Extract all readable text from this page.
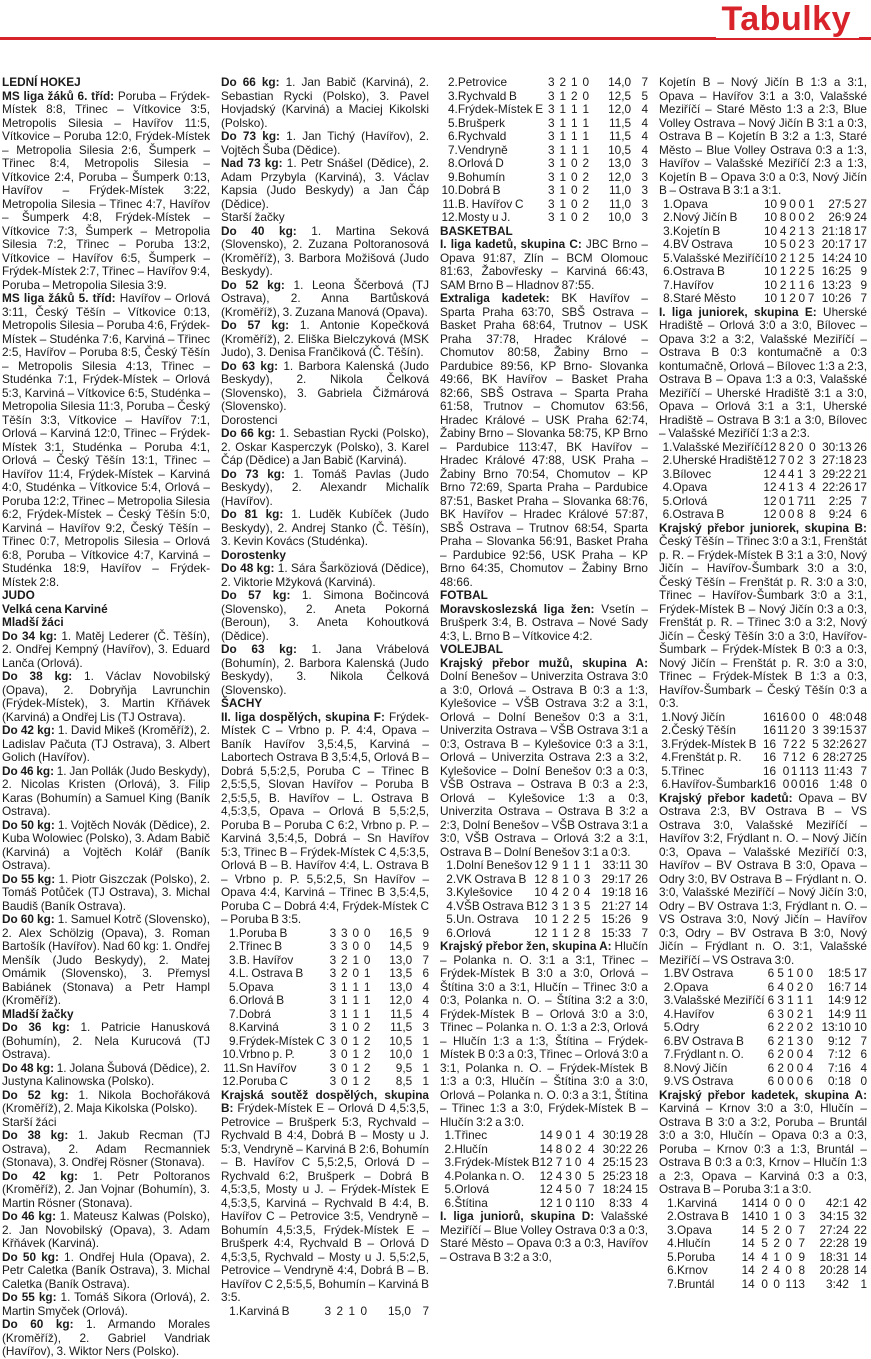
Tabulky

LEDNÍ HOKEJ

MS liga žáků 6. tříd: Poruba – Frýdek-Místek 8:8, Třinec – Vítkovice 3:5, Metropolis Silesia – Havířov 11:5, Vítkovice – Poruba 12:0, Frýdek-Místek – Metropolia Silesia 2:6, Šumperk – Třinec 8:4, Metropolis Silesia – Vítkovice 2:4, Poruba – Šumperk 0:13, Havířov – Frýdek-Místek 3:22, Metropolia Silesia – Třinec 4:7, Havířov – Šumperk 4:8, Frýdek-Místek – Vítkovice 7:3, Šumperk – Metropolia Silesia 7:2, Třinec – Poruba 13:2, Vítkovice – Havířov 6:5, Šumperk – Frýdek-Místek 2:7, Třinec – Havířov 9:4, Poruba – Metropolia Silesia 3:9.

MS liga žáků 5. tříd: Havířov – Orlová 3:11, Český Těšín – Vítkovice 0:13, Metropolis Silesia – Poruba 4:6, Frýdek-Místek – Studénka 7:6, Karviná – Třinec 2:5, Havířov – Poruba 8:5, Český Těšín – Metropolis Silesia 4:13, Třinec – Studénka 7:1, Frýdek-Místek – Orlová 5:3, Karviná – Vítkovice 6:5, Studénka – Metropolia Silesia 11:3, Poruba – Český Těšín 3:3, Vítkovice – Havířov 7:1, Orlová – Karviná 12:0, Třinec – Frýdek-Místek 3:1, Studénka – Poruba 4:1, Orlová – Český Těšín 13:1, Třinec – Havířov 11:4, Frýdek-Místek – Karviná 4:0, Studénka – Vítkovice 5:4, Orlová – Poruba 12:2, Třinec – Metropolia Silesia 6:2, Frýdek-Místek – Český Těšín 5:0, Karviná – Havířov 9:2, Český Těšín – Třinec 0:7, Metropolis Silesia – Orlová 6:8, Poruba – Vítkovice 4:7, Karviná – Studénka 18:9, Havířov – Frýdek-Místek 2:8.

JUDO

Velká cena Karviné

Mladší žáci

Do 34 kg: 1. Matěj Lederer (Č. Těšín), 2. Ondřej Kempný (Havířov), 3. Eduard Lanča (Orlová).

Do 38 kg: 1. Václav Novobilský (Opava), 2. Dobryňja Lavrunchin (Frýdek-Místek), 3. Martin Křňávek (Karviná) a Ondřej Lis (TJ Ostrava).

Do 42 kg: 1. David Mikeš (Kroměříž), 2. Ladislav Pačuta (TJ Ostrava), 3. Albert Golich (Havířov).

Do 46 kg: 1. Jan Pollák (Judo Beskydy), 2. Nicolas Kristen (Orlová), 3. Filip Karas (Bohumín) a Samuel King (Baník Ostrava).

Do 50 kg: 1. Vojtěch Novák (Dědice), 2. Kuba Wolowiec (Polsko), 3. Adam Babič (Karviná) a Vojtěch Kolář (Baník Ostrava).

Do 55 kg: 1. Piotr Giszczak (Polsko), 2. Tomáš Potůček (TJ Ostrava), 3. Michal Baudiš (Baník Ostrava).

Do 60 kg: 1. Samuel Kotrč (Slovensko), 2. Alex Schölzig (Opava), 3. Roman Bartošík (Havířov). Nad 60 kg: 1. Ondřej Menšík (Judo Beskydy), 2. Matej Omámik (Slovensko), 3. Přemysl Babiánek (Stonava) a Petr Hampl (Kroměříž).

Mladší žačky

Do 36 kg: 1. Patricie Hanusková (Bohumín), 2. Nela Kurucová (TJ Ostrava).

Do 48 kg: 1. Jolana Šubová (Dědice), 2. Justyna Kalinowska (Polsko).

Do 52 kg: 1. Nikola Bochořáková (Kroměříž), 2. Maja Kikolska (Polsko).

Starší žáci

Do 38 kg: 1. Jakub Recman (TJ Ostrava), 2. Adam Recmanniek (Stonava), 3. Ondřej Rösner (Stonava).

Do 42 kg: 1. Petr Poltoranos (Kroměříž), 2. Jan Vojnar (Bohumín), 3. Martin Rösner (Stonava).

Do 46 kg: 1. Mateusz Kalwas (Polsko), 2. Jan Novobilský (Opava), 3. Adam Křňávek (Karviná).

Do 50 kg: 1. Ondřej Hula (Opava), 2. Petr Caletka (Baník Ostrava), 3. Michal Caletka (Baník Ostrava).

Do 55 kg: 1. Tomáš Sikora (Orlová), 2. Martin Smyček (Orlová).

Do 60 kg: 1. Armando Morales (Kroměříž), 2. Gabriel Vandriak (Havířov), 3. Wiktor Ners (Polsko).

Do 66 kg: 1. Jan Babič (Karviná), 2. Sebastian Rycki (Polsko), 3. Pavel Hovjadský (Karviná) a Maciej Kikolski (Polsko).

Do 73 kg: 1. Jan Tichý (Havířov), 2. Vojtěch Šuba (Dědice).

Nad 73 kg: 1. Petr Snášel (Dědice), 2. Adam Przybyla (Karviná), 3. Václav Kapsia (Judo Beskydy) a Jan Čáp (Dědice).

Starší žačky

Do 40 kg: 1. Martina Seková (Slovensko), 2. Zuzana Poltoranosová (Kroměříž), 3. Barbora Možišová (Judo Beskydy).

Do 52 kg: 1. Leona Ščerbová (TJ Ostrava), 2. Anna Bartůsková (Kroměříž), 3. Zuzana Manová (Opava).

Do 57 kg: 1. Antonie Kopečková (Kroměříž), 2. Eliška Bielczyková (MSK Judo), 3. Denisa Frančiková (Č. Těšín).

Do 63 kg: 1. Barbora Kalenská (Judo Beskydy), 2. Nikola Čelková (Slovensko), 3. Gabriela Čižmárová (Slovensko).

Dorostenci

Do 66 kg: 1. Sebastian Rycki (Polsko), 2. Oskar Kasperczyk (Polsko), 3. Karel Čáp (Dědice) a Jan Babič (Karviná).

Do 73 kg: 1. Tomáš Pavlas (Judo Beskydy), 2. Alexandr Michalík (Havířov).

Do 81 kg: 1. Luděk Kubíček (Judo Beskydy), 2. Andrej Stanko (Č. Těšín), 3. Kevin Kovács (Studénka).

Dorostenky

Do 48 kg: 1. Sára Šarköziová (Dědice), 2. Viktorie Mžyková (Karviná).

Do 57 kg: 1. Simona Bočincová (Slovensko), 2. Aneta Pokorná (Beroun), 3. Aneta Kohoutková (Dědice).

Do 63 kg: 1. Jana Vrábelová (Bohumín), 2. Barbora Kalenská (Judo Beskydy), 3. Nikola Čelková (Slovensko).

ŠACHY

II. liga dospělých, skupina F: Frýdek-Místek C – Vrbno p. P. 4:4, Opava – Baník Havířov 3,5:4,5, Karviná – Labortech Ostrava B 3,5:4,5, Orlová B – Dobrá 5,5:2,5, Poruba C – Třinec B 2,5:5,5, Slovan Havířov – Poruba B 2,5:5,5, B. Havířov – L. Ostrava B 4,5:3,5, Opava – Orlová B 5,5:2,5, Poruba B – Poruba C 6:2, Vrbno p. P. – Karviná 3,5:4,5, Dobrá – Sn Havířov 5:3, Třinec B – Frýdek-Místek C 4,5:3,5, Orlová B – B. Havířov 4:4, L. Ostrava B – Vrbno p. P. 5,5:2,5, Sn Havířov – Opava 4:4, Karviná – Třinec B 3,5:4,5, Poruba C – Dobrá 4:4, Frýdek-Místek C – Poruba B 3:5.

1.	Poruba B	3	3	0	0	16,5	9
2.	Třinec B	3	3	0	0	14,5	9
3.	B. Havířov	3	2	1	0	13,0	7
4.	L. Ostrava B	3	2	0	1	13,5	6
5.	Opava	3	1	1	1	13,0	4
6.	Orlová B	3	1	1	1	12,0	4
7.	Dobrá	3	1	1	1	11,5	4
8.	Karviná	3	1	0	2	11,5	3
9.	Frýdek-Místek C	3	0	1	2	10,5	1
10.	Vrbno p. P.	3	0	1	2	10,0	1
11.	Sn Havířov	3	0	1	2	9,5	1
12.	Poruba C	3	0	1	2	8,5	1

Krajská soutěž dospělých, skupina B: Frýdek-Místek E – Orlová D 4,5:3,5, Petrovice – Brušperk 5:3, Rychvald – Rychvald B 4:4, Dobrá B – Mosty u J. 5:3, Vendryně – Karviná B 2:6, Bohumín – B. Havířov C 5,5:2,5, Orlová D – Rychvald 6:2, Brušperk – Dobrá B 4,5:3,5, Mosty u J. – Frýdek-Místek E 4,5:3,5, Karviná – Rychvald B 4:4, B. Havířov C – Petrovice 3:5, Vendryně – Bohumín 4,5:3,5, Frýdek-Místek E – Brušperk 4:4, Rychvald B – Orlová D 4,5:3,5, Rychvald – Mosty u J. 5,5:2,5, Petrovice – Vendryně 4:4, Dobrá B – B. Havířov C 2,5:5,5, Bohumín – Karviná B 3:5.

1.	Karviná B	3	2	1	0	15,0	7
2.	Petrovice	3	2	1	0	14,0	7
3.	Rychvald B	3	1	2	0	12,5	5
4.	Frýdek-Místek E	3	1	1	1	12,0	4
5.	Brušperk	3	1	1	1	11,5	4
6.	Rychvald	3	1	1	1	11,5	4
7.	Vendryně	3	1	1	1	10,5	4
8.	Orlová D	3	1	0	2	13,0	3
9.	Bohumín	3	1	0	2	12,0	3
10.	Dobrá B	3	1	0	2	11,0	3
11.	B. Havířov C	3	1	0	2	11,0	3
12.	Mosty u J.	3	1	0	2	10,0	3

BASKETBAL

I. liga kadetů, skupina C: JBC Brno – Opava 91:87, Zlín – BCM Olomouc 81:63, Žabovřesky – Karviná 66:43, SAM Brno B – Hladnov 87:55.

Extraliga kadetek: BK Havířov – Sparta Praha 63:70, SBŠ Ostrava – Basket Praha 68:64, Trutnov – USK Praha 37:78, Hradec Králové – Chomutov 80:58, Žabiny Brno – Pardubice 89:56, KP Brno- Slovanka 49:66, BK Havířov – Basket Praha 82:66, SBŠ Ostrava – Sparta Praha 61:58, Trutnov – Chomutov 63:56, Hradec Králové – USK Praha 62:74, Žabiny Brno – Slovanka 58:75, KP Brno – Pardubice 113:47, BK Havířov – Hradec Králové 47:88, USK Praha – Žabiny Brno 70:54, Chomutov – KP Brno 72:69, Sparta Praha – Pardubice 87:51, Basket Praha – Slovanka 68:76, BK Havířov – Hradec Králové 57:87, SBŠ Ostrava – Trutnov 68:54, Sparta Praha – Slovanka 56:91, Basket Praha – Pardubice 92:56, USK Praha – KP Brno 64:35, Chomutov – Žabiny Brno 48:66.

FOTBAL

Moravskoslezská liga žen: Vsetín – Brušperk 3:4, B. Ostrava – Nové Sady 4:3, L. Brno B – Vítkovice 4:2.

VOLEJBAL

Krajský přebor mužů, skupina A: Dolní Benešov – Univerzita Ostrava 3:0 a 3:0, Orlová – Ostrava B 0:3 a 1:3, Kylešovice – VŠB Ostrava 3:2 a 3:1, Orlová – Dolní Benešov 0:3 a 3:1, Univerzita Ostrava – VŠB Ostrava 3:1 a 0:3, Ostrava B – Kylešovice 0:3 a 3:1, Orlová – Univerzita Ostrava 2:3 a 3:2, Kylešovice – Dolní Benešov 0:3 a 0:3, VŠB Ostrava – Ostrava B 0:3 a 2:3, Orlová – Kylešovice 1:3 a 0:3, Univerzita Ostrava – Ostrava B 3:2 a 2:3, Dolní Benešov – VŠB Ostrava 3:1 a 3:0, VŠB Ostrava – Orlová 3:2 a 3:1, Ostrava B – Dolní Benešov 3:1 a 0:3.

1.	Dolní Benešov	12	9	1	1	1	33:11	30
2.	VK Ostrava B	12	8	1	0	3	29:17	26
3.	Kylešovice	10	4	2	0	4	19:18	16
4.	VŠB Ostrava B	12	3	1	3	5	21:27	14
5.	Un. Ostrava	10	1	2	2	5	15:26	9
6.	Orlová	12	1	1	2	8	15:33	7

Krajský přebor žen, skupina A: Hlučín – Polanka n. O. 3:1 a 3:1, Třinec – Frýdek-Místek B 3:0 a 3:0, Orlová – Štítina 3:0 a 3:1, Hlučín – Třinec 3:0 a 0:3, Polanka n. O. – Štítina 3:2 a 3:0, Frýdek-Místek B – Orlová 3:0 a 3:0, Třinec – Polanka n. O. 1:3 a 2:3, Orlová – Hlučín 1:3 a 1:3, Štítina – Frýdek-Místek B 0:3 a 0:3, Třinec – Orlová 3:0 a 3:1, Polanka n. O. – Frýdek-Místek B 1:3 a 0:3, Hlučín – Štítina 3:0 a 3:0, Orlová – Polanka n. O. 0:3 a 3:1, Štítina – Třinec 1:3 a 3:0, Frýdek-Místek B – Hlučín 3:2 a 3:0.

1.	Třinec	14	9	0	1	4	30:19	28
2.	Hlučín	14	8	0	2	4	30:22	26
3.	Frýdek-Místek B	12	7	1	0	4	25:15	23
4.	Polanka n. O.	12	4	3	0	5	25:23	18
5.	Orlová	12	4	5	0	7	18:24	15
6.	Štítina	12	1	0	1	10	8:33	4

I. liga juniorů, skupina D: Valašské Meziříčí – Blue Volley Ostrava 0:3 a 0:3, Staré Město – Opava 0:3 a 0:3, Havířov – Ostrava B 3:2 a 3:0,

Kojetín B – Nový Jičín B 1:3 a 3:1, Opava – Havířov 3:1 a 3:0, Valašské Meziříčí – Staré Město 1:3 a 2:3, Blue Volley Ostrava – Nový Jičín B 3:1 a 0:3, Ostrava B – Kojetín B 3:2 a 1:3, Staré Město – Blue Volley Ostrava 0:3 a 1:3, Havířov – Valašské Meziříčí 2:3 a 1:3, Kojetín B – Opava 3:0 a 0:3, Nový Jičín B – Ostrava B 3:1 a 3:1.

1.	Opava	10	9	0	0	1	27:5	27
2.	Nový Jičín B	10	8	0	0	2	26:9	24
3.	Kojetín B	10	4	2	1	3	21:18	17
4.	BV Ostrava	10	5	0	2	3	20:17	17
5.	Valašské Meziříčí	10	2	1	2	5	14:24	10
6.	Ostrava B	10	1	2	2	5	16:25	9
7.	Havířov	10	2	1	1	6	13:23	9
8.	Staré Město	10	1	2	0	7	10:26	7

I. liga juniorek, skupina E: Uherské Hradiště – Orlová 3:0 a 3:0, Bílovec – Opava 3:2 a 3:2, Valašské Meziříčí – Ostrava B 0:3 kontumačně a 0:3 kontumačně, Orlová – Bílovec 1:3 a 2:3, Ostrava B – Opava 1:3 a 0:3, Valašské Meziříčí – Uherské Hradiště 3:1 a 3:0, Opava – Orlová 3:1 a 3:1, Uherské Hradiště – Ostrava B 3:1 a 3:0, Bílovec – Valašské Meziříčí 1:3 a 2:3.

1.	Valašské Meziříčí	12	8	2	0	0	30:13	26
2.	Uherské Hradiště	12	7	0	2	3	27:18	23
3.	Bílovec	12	4	4	1	3	29:22	21
4.	Opava	12	4	1	3	4	22:26	17
5.	Orlová	12	0	1	7	11	2:25	7
6.	Ostrava B	12	0	0	8	8	9:24	6

Krajský přebor juniorek, skupina B: Český Těšín – Třinec 3:0 a 3:1, Frenštát p. R. – Frýdek-Místek B 3:1 a 3:0, Nový Jičín – Havířov-Šumbark 3:0 a 3:0, Český Těšín – Frenštát p. R. 3:0 a 3:0, Třinec – Havířov-Šumbark 3:0 a 3:1, Frýdek-Místek B – Nový Jičín 0:3 a 0:3, Frenštát p. R. – Třinec 3:0 a 3:2, Nový Jičín – Český Těšín 3:0 a 3:0, Havířov-Šumbark – Frýdek-Místek B 0:3 a 0:3, Nový Jičín – Frenštát p. R. 3:0 a 3:0, Třinec – Frýdek-Místek B 1:3 a 0:3, Havířov-Šumbark – Český Těšín 0:3 a 0:3.

1.	Nový Jičín	16	16	0	0	0	48:0	48
2.	Český Těšín	16	11	2	0	3	39:15	37
3.	Frýdek-Místek B	16	7	2	2	5	32:26	27
4.	Frenštát p. R.	16	7	1	2	6	28:27	25
5.	Třinec	16	0	1	1	13	11:43	7
6.	Havířov-Šumbark	16	0	0	0	16	1:48	0

Krajský přebor kadetů: Opava – BV Ostrava 2:3, BV Ostrava B – VS Ostrava 3:0, Valašské Meziříčí – Havířov 3:2, Frýdlant n. O. – Nový Jičín 0:3, Opava – Valašské Meziříčí 0:3, Havířov – BV Ostrava B 3:0, Opava – Odry 3:0, BV Ostrava B – Frýdlant n. O. 3:0, Valašské Meziříčí – Nový Jičín 3:0, Odry – BV Ostrava 1:3, Frýdlant n. O. – VS Ostrava 3:0, Nový Jičín – Havířov 0:3, Odry – BV Ostrava B 3:0, Nový Jičín – Frýdlant n. O. 3:1, Valašské Meziříčí – VS Ostrava 3:0.

1.	BV Ostrava	6	5	1	0	0	18:5	17
2.	Opava	6	4	0	2	0	16:7	14
3.	Valašské Meziříčí	6	3	1	1	1	14:9	12
4.	Havířov	6	3	0	2	1	14:9	11
5.	Odry	6	2	2	0	2	13:10	10
6.	BV Ostrava B	6	2	1	3	0	9:12	7
7.	Frýdlant n. O.	6	2	0	0	4	7:12	6
8.	Nový Jičín	6	2	0	0	4	7:16	4
9.	VS Ostrava	6	0	0	0	6	0:18	0

Krajský přebor kadetek, skupina A: Karviná – Krnov 3:0 a 3:0, Hlučín – Ostrava B 3:0 a 3:2, Poruba – Bruntál 3:0 a 3:0, Hlučín – Opava 0:3 a 0:3, Poruba – Krnov 0:3 a 1:3, Bruntál – Ostrava B 0:3 a 0:3, Krnov – Hlučín 1:3 a 2:3, Opava – Karviná 0:3 a 0:3, Ostrava B – Poruba 3:1 a 3:0.

1.	Karviná	14	14	0	0	0	42:1	42
2.	Ostrava B	14	10	1	0	3	34:15	32
3.	Opava	14	5	2	0	7	27:24	22
4.	Hlučín	14	5	2	0	7	22:28	19
5.	Poruba	14	4	1	0	9	18:31	14
6.	Krnov	14	2	4	0	8	20:28	14
7.	Bruntál	14	0	0	1	13	3:42	1
